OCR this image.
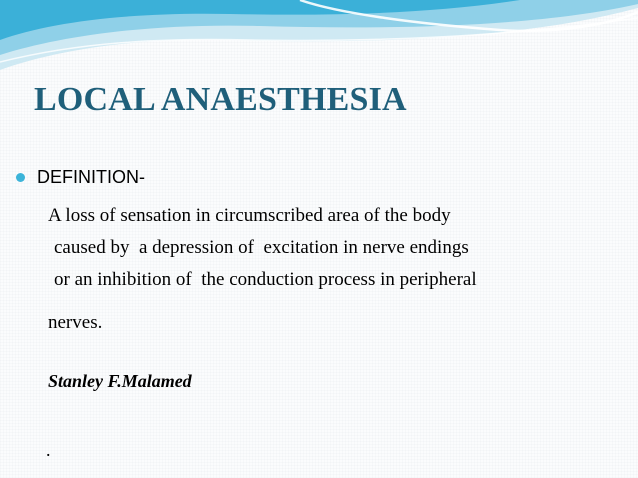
LOCAL ANAESTHESIA
DEFINITION-

A loss of sensation in circumscribed area of the body

caused by  a depression of  excitation in nerve endings

or an inhibition of  the conduction process in peripheral

nerves.

Stanley F.Malamed
.
